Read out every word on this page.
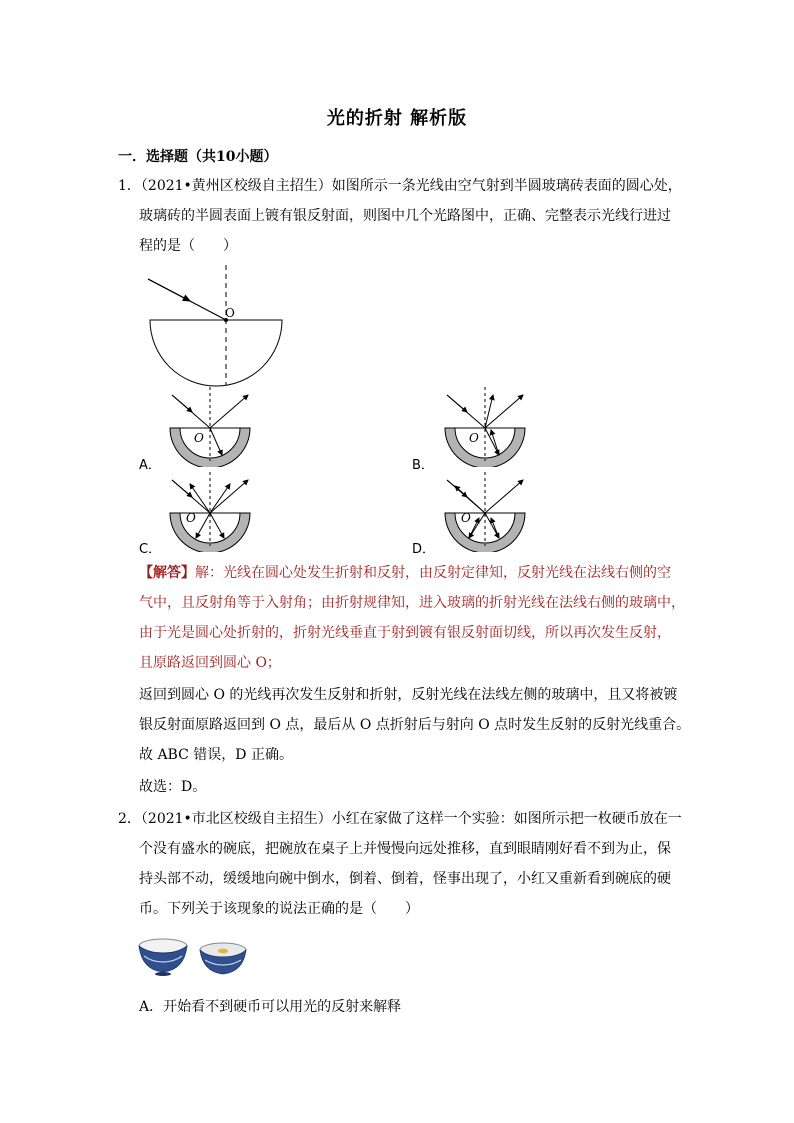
光的折射 解析版
一．选择题（共10小题）
1．（2021•黄州区校级自主招生）如图所示一条光线由空气射到半圆玻璃砖表面的圆心处，
玻璃砖的半圆表面上镀有银反射面，则图中几个光路图中，正确、完整表示光线行进过
程的是（　　）
O
O	O
O	O
A．	B．
C．	D．
【解答】解：光线在圆心处发生折射和反射，由反射定律知，反射光线在法线右侧的空
气中，且反射角等于入射角；由折射规律知，进入玻璃的折射光线在法线右侧的玻璃中，
由于光是圆心处折射的，折射光线垂直于射到镀有银反射面切线，所以再次发生反射，
且原路返回到圆心 O；
返回到圆心 O 的光线再次发生反射和折射，反射光线在法线左侧的玻璃中，且又将被镀
银反射面原路返回到 O 点，最后从 O 点折射后与射向 O 点时发生反射的反射光线重合。
故 ABC 错误，D 正确。
故选：D。
2．（2021•市北区校级自主招生）小红在家做了这样一个实验：如图所示把一枚硬币放在一
个没有盛水的碗底，把碗放在桌子上并慢慢向远处推移，直到眼睛刚好看不到为止，保
持头部不动，缓缓地向碗中倒水，倒着、倒着，怪事出现了，小红又重新看到碗底的硬
币。下列关于该现象的说法正确的是（　　）
A．开始看不到硬币可以用光的反射来解释
